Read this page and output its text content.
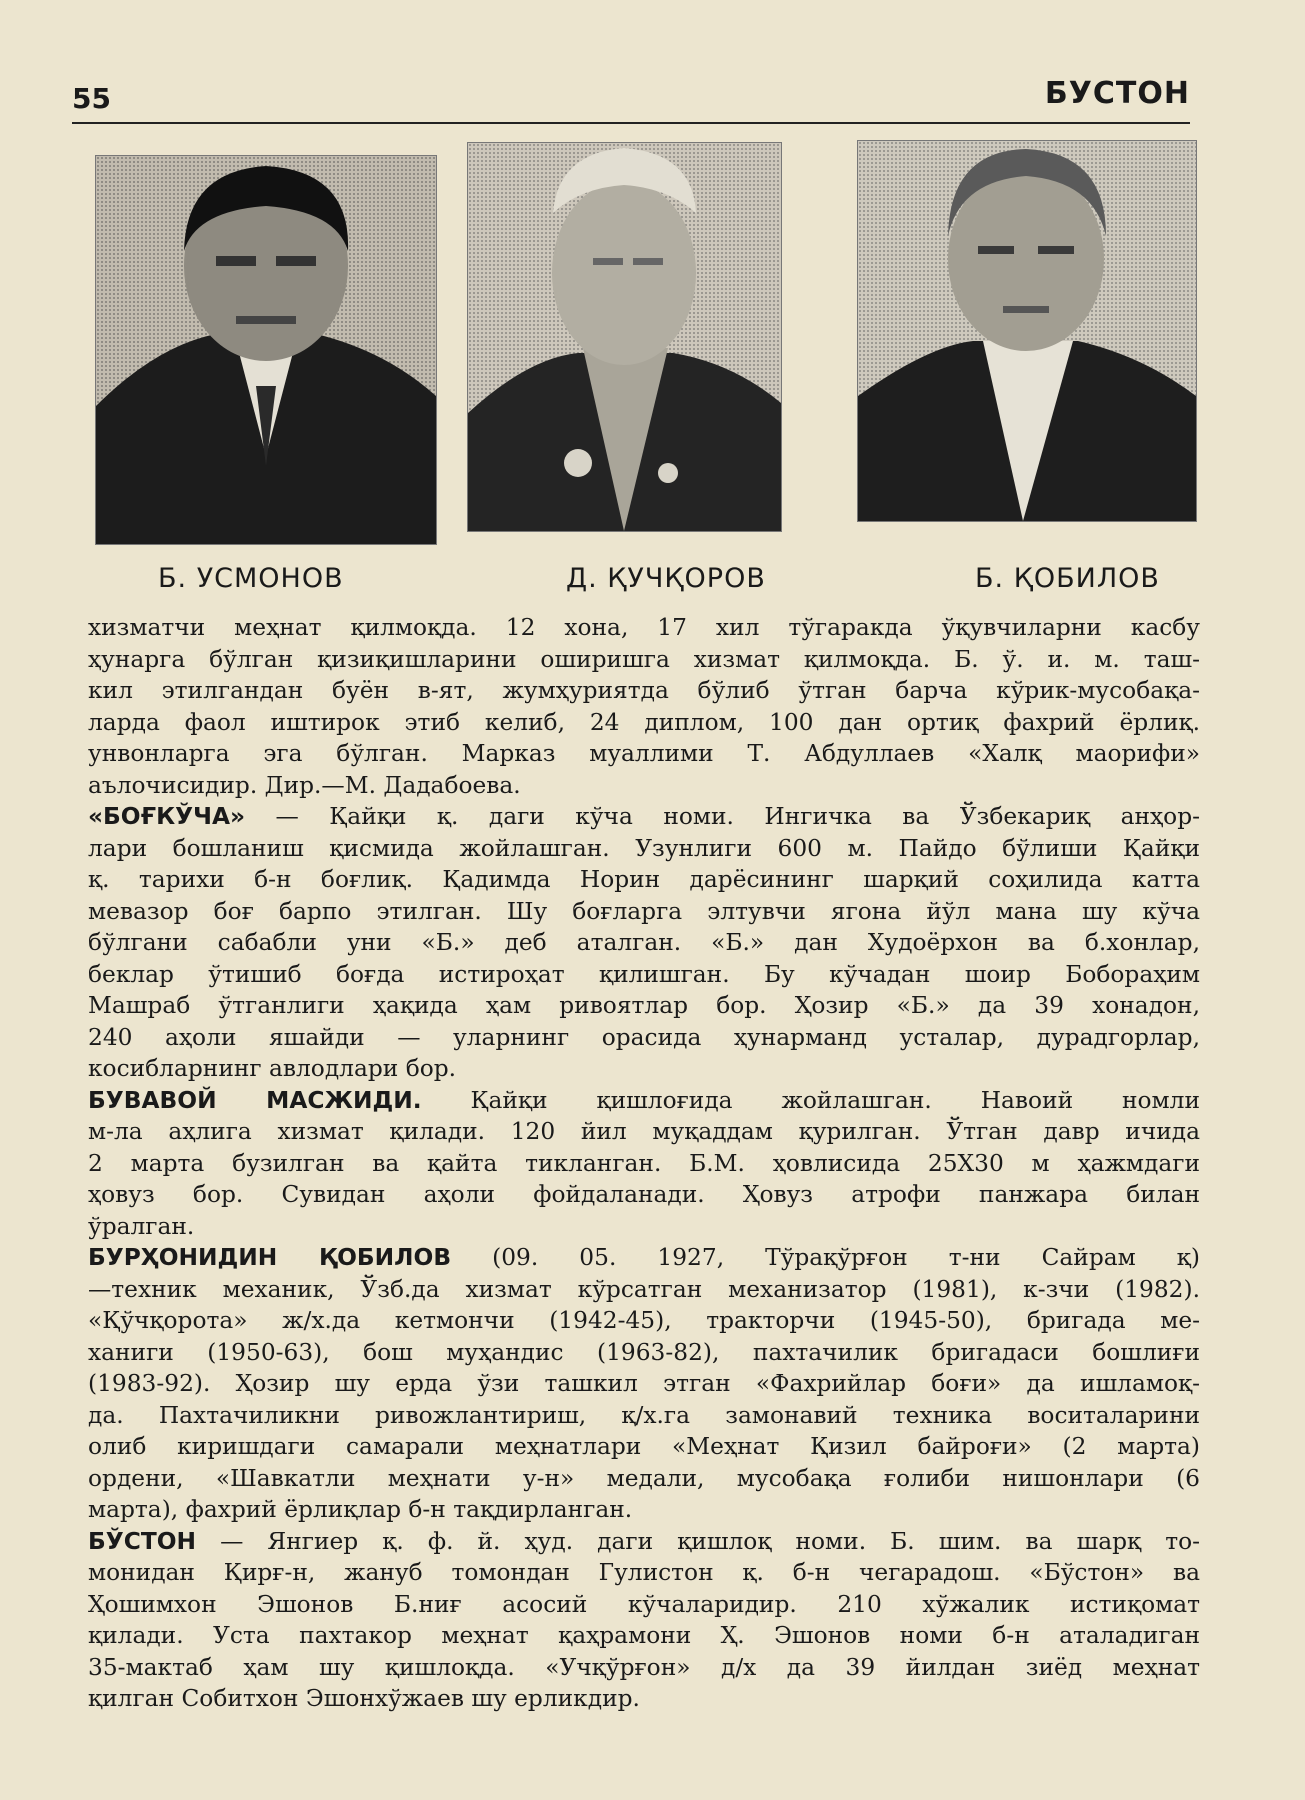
55	БУСТОН
Б. УСМОНОВ	Д. ҚУЧҚОРОВ	Б. ҚОБИЛОВ
хизматчи меҳнат қилмоқда. 12 хона, 17 хил тўгаракда ўқувчиларни касбу
ҳунарга бўлган қизиқишларини оширишга хизмат қилмоқда. Б. ў. и. м. таш-
кил этилгандан буён в-ят, жумҳуриятда бўлиб ўтган барча кўрик-мусобақа-
ларда фаол иштирок этиб келиб, 24 диплом, 100 дан ортиқ фахрий ёрлиқ.
унвонларга эга бўлган. Марказ муаллими Т. Абдуллаев «Халқ маорифи»
аълочисидир. Дир.—М. Дадабоева.
«БОҒКЎЧА» — Қайқи қ. даги кўча номи. Ингичка ва Ўзбекариқ анҳор-
лари бошланиш қисмида жойлашган. Узунлиги 600 м. Пайдо бўлиши Қайқи
қ. тарихи б-н боғлиқ. Қадимда Норин дарёсининг шарқий соҳилида катта
мевазор боғ барпо этилган. Шу боғларга элтувчи ягона йўл мана шу кўча
бўлгани сабабли уни «Б.» деб аталган. «Б.» дан Худоёрхон ва б.хонлар,
беклар ўтишиб боғда истироҳат қилишган. Бу кўчадан шоир Бобораҳим
Машраб ўтганлиги ҳақида ҳам ривоятлар бор. Ҳозир «Б.» да 39 хонадон,
240 аҳоли яшайди — уларнинг орасида ҳунарманд усталар, дурадгорлар,
косибларнинг авлодлари бор.
БУВАВОЙ МАСЖИДИ. Қайқи қишлоғида жойлашган. Навоий номли
м-ла аҳлига хизмат қилади. 120 йил муқаддам қурилган. Ўтган давр ичида
2 марта бузилган ва қайта тикланган. Б.М. ҳовлисида 25Х30 м ҳажмдаги
ҳовуз бор. Сувидан аҳоли фойдаланади. Ҳовуз атрофи панжара билан
ўралган.
БУРҲОНИДИН ҚОБИЛОВ (09. 05. 1927, Тўрақўрғон т-ни Сайрам қ)
—техник механик, Ўзб.да хизмат кўрсатган механизатор (1981), к-зчи (1982).
«Қўчқорота» ж/х.да кетмончи (1942-45), тракторчи (1945-50), бригада ме-
ханиги (1950-63), бош муҳандис (1963-82), пахтачилик бригадаси бошлиғи
(1983-92). Ҳозир шу ерда ўзи ташкил этган «Фахрийлар боғи» да ишламоқ-
да. Пахтачиликни ривожлантириш, қ/х.га замонавий техника воситаларини
олиб киришдаги самарали меҳнатлари «Меҳнат Қизил байроғи» (2 марта)
ордени, «Шавкатли меҳнати у-н» медали, мусобақа ғолиби нишонлари (6
марта), фахрий ёрлиқлар б-н тақдирланган.
БЎСТОН — Янгиер қ. ф. й. ҳуд. даги қишлоқ номи. Б. шим. ва шарқ то-
монидан Қирғ-н, жануб томондан Гулистон қ. б-н чегарадош. «Бўстон» ва
Ҳошимхон Эшонов Б.ниғ асосий кўчаларидир. 210 хўжалик истиқомат
қилади. Уста пахтакор меҳнат қаҳрамони Ҳ. Эшонов номи б-н аталадиган
35-мактаб ҳам шу қишлоқда. «Учқўрғон» д/х да 39 йилдан зиёд меҳнат
қилган Собитхон Эшонхўжаев шу ерликдир.
